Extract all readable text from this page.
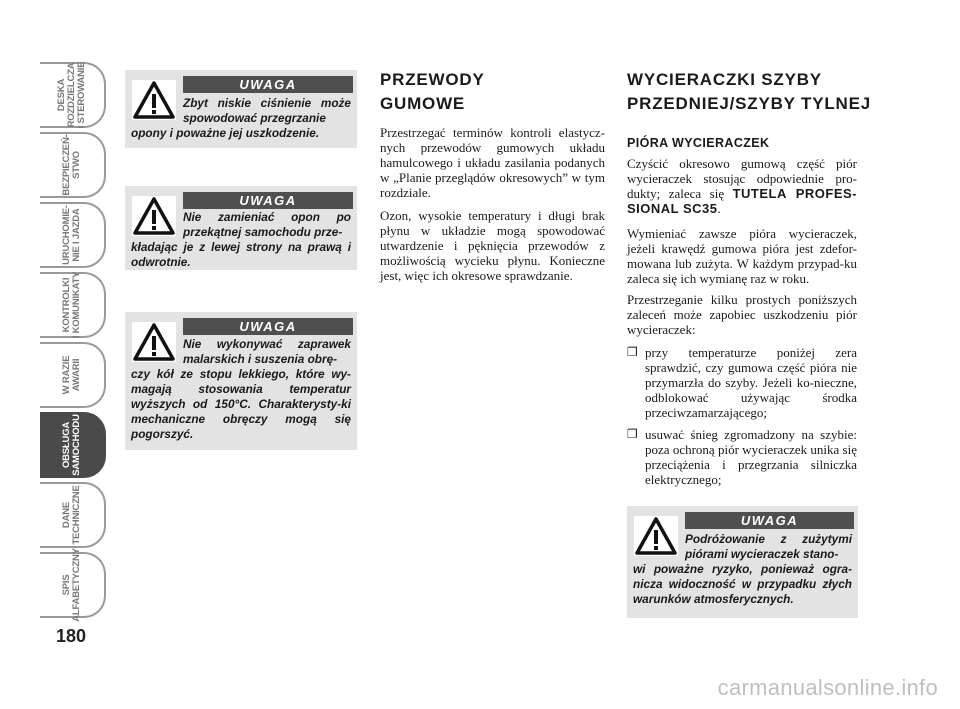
DESKA
ROZDZIELCZA
I STEROWANIE
BEZPIECZEŃ-
STWO
URUCHOMIE-
NIE I JAZDA
KONTROLKI
I KOMUNIKATY
W RAZIE
AWARII
OBSŁUGA
SAMOCHODU
DANE
TECHNICZNE
SPIS
ALFABETYCZNY
180
UWAGA
Zbyt niskie ciśnienie może spowodować przegrzanie
opony i poważne jej uszkodzenie.
UWAGA
Nie zamieniać opon po przekątnej samochodu prze-
kładając je z lewej strony na prawą i odwrotnie.
UWAGA
Nie wykonywać zaprawek malarskich i suszenia obrę-
czy kół ze stopu lekkiego, które wy-magają stosowania temperatur wyższych od 150°C. Charakterysty-ki mechaniczne obręczy mogą się pogorszyć.
PRZEWODY
GUMOWE

Przestrzegać terminów kontroli elastycz-nych przewodów gumowych układu hamulcowego i układu zasilania podanych w „Planie przeglądów okresowych” w tym rozdziale.

Ozon, wysokie temperatury i długi brak płynu w układzie mogą spowodować utwardzenie i pęknięcia przewodów z możliwością wycieku płynu. Konieczne jest, więc ich okresowe sprawdzanie.

WYCIERACZKI SZYBY
PRZEDNIEJ/SZYBY TYLNEJ
PIÓRA WYCIERACZEK

Czyścić okresowo gumową część piór wycieraczek stosując odpowiednie pro-dukty; zaleca się TUTELA PROFES-SIONAL SC35.

Wymieniać zawsze pióra wycieraczek, jeżeli krawędź gumowa pióra jest zdefor-mowana lub zużyta. W każdym przypad-ku zaleca się ich wymianę raz w roku.

Przestrzeganie kilku prostych poniższych zaleceń może zapobiec uszkodzeniu piór wycieraczek:

❒ przy temperaturze poniżej zera sprawdzić, czy gumowa część pióra nie przymarzła do szyby. Jeżeli ko-nieczne, odblokować używając środka przeciwzamarzającego;
❒ usuwać śnieg zgromadzony na szybie: poza ochroną piór wycieraczek unika się przeciążenia i przegrzania silniczka elektrycznego;
UWAGA
Podróżowanie z zużytymi piórami wycieraczek stano-
wi poważne ryzyko, ponieważ ogra-nicza widoczność w przypadku złych warunków atmosferycznych.
carmanualsonline.info
